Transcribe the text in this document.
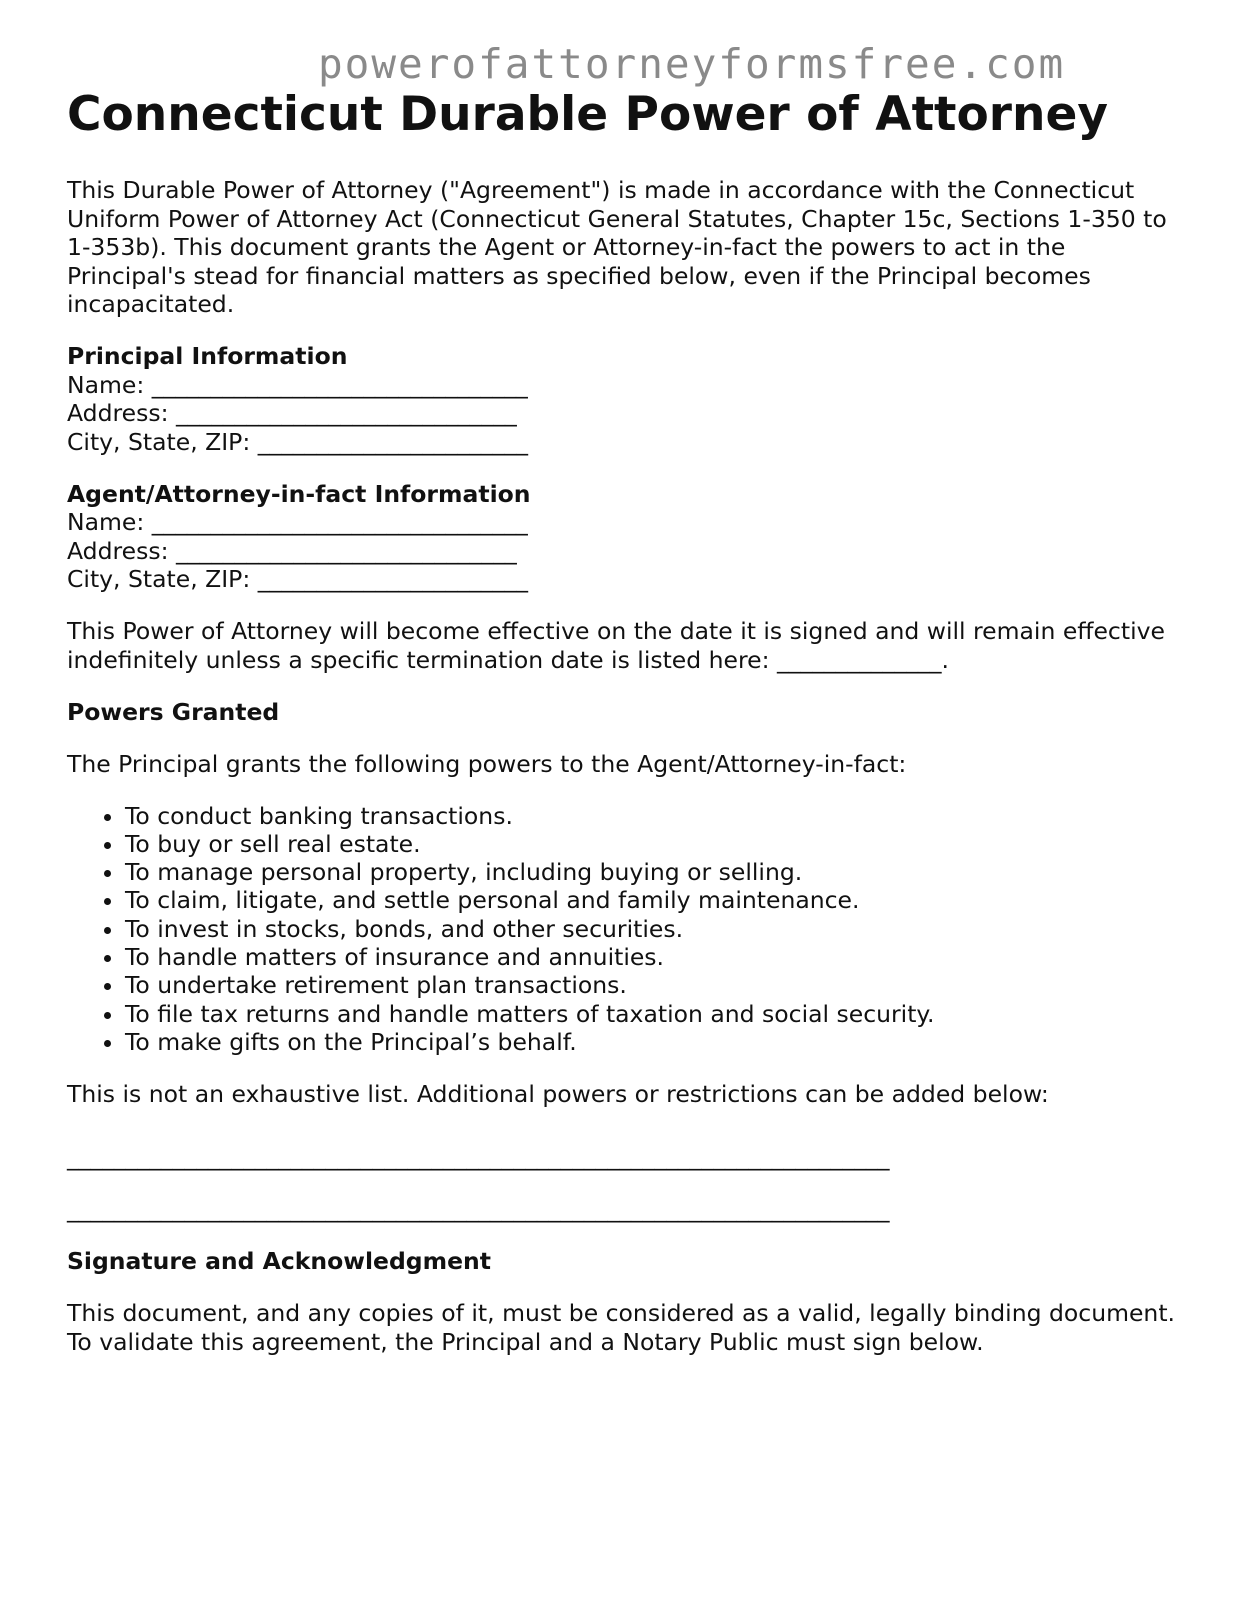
powerofattorneyformsfree.com
Connecticut Durable Power of Attorney

This Durable Power of Attorney ("Agreement") is made in accordance with the Connecticut Uniform Power of Attorney Act (Connecticut General Statutes, Chapter 15c, Sections 1-350 to 1-353b). This document grants the Agent or Attorney-in-fact the powers to act in the Principal's stead for financial matters as specified below, even if the Principal becomes incapacitated.

Principal Information
Name: ________________________________
Address: _____________________________
City, State, ZIP: _______________________
Agent/Attorney-in-fact Information
Name: ________________________________
Address: _____________________________
City, State, ZIP: _______________________

This Power of Attorney will become effective on the date it is signed and will remain effective indefinitely unless a specific termination date is listed here: ______________.

Powers Granted

The Principal grants the following powers to the Agent/Attorney-in-fact:

• To conduct banking transactions.
• To buy or sell real estate.
• To manage personal property, including buying or selling.
• To claim, litigate, and settle personal and family maintenance.
• To invest in stocks, bonds, and other securities.
• To handle matters of insurance and annuities.
• To undertake retirement plan transactions.
• To file tax returns and handle matters of taxation and social security.
• To make gifts on the Principal’s behalf.

This is not an exhaustive list. Additional powers or restrictions can be added below:

______________________________________________________________________
______________________________________________________________________
Signature and Acknowledgment

This document, and any copies of it, must be considered as a valid, legally binding document. To validate this agreement, the Principal and a Notary Public must sign below.
